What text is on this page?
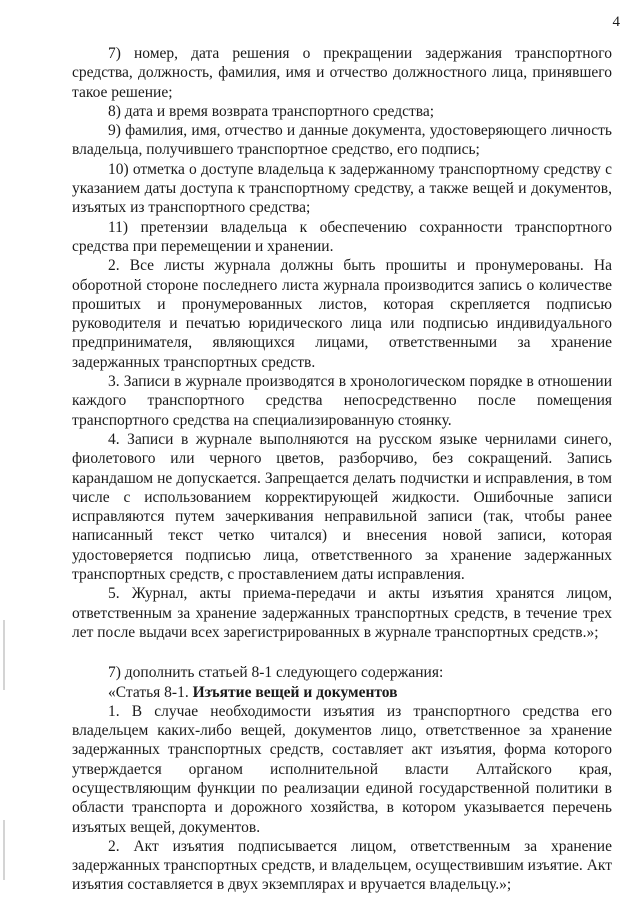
4

7) номер, дата решения о прекращении задержания транспортного средства, должность, фамилия, имя и отчество должностного лица, принявшего такое решение;

8) дата и время возврата транспортного средства;

9) фамилия, имя, отчество и данные документа, удостоверяющего личность владельца, получившего транспортное средство, его подпись;

10) отметка о доступе владельца к задержанному транспортному средству с указанием даты доступа к транспортному средству, а также вещей и документов, изъятых из транспортного средства;

11) претензии владельца к обеспечению сохранности транспортного средства при перемещении и хранении.

2. Все листы журнала должны быть прошиты и пронумерованы. На оборотной стороне последнего листа журнала производится запись о количестве прошитых и пронумерованных листов, которая скрепляется подписью руководителя и печатью юридического лица или подписью индивидуального предпринимателя, являющихся лицами, ответственными за хранение задержанных транспортных средств.

3. Записи в журнале производятся в хронологическом порядке в отношении каждого транспортного средства непосредственно после помещения транспортного средства на специализированную стоянку.

4. Записи в журнале выполняются на русском языке чернилами синего, фиолетового или черного цветов, разборчиво, без сокращений. Запись карандашом не допускается. Запрещается делать подчистки и исправления, в том числе с использованием корректирующей жидкости. Ошибочные записи исправляются путем зачеркивания неправильной записи (так, чтобы ранее написанный текст четко читался) и внесения новой записи, которая удостоверяется подписью лица, ответственного за хранение задержанных транспортных средств, с проставлением даты исправления.

5. Журнал, акты приема-передачи и акты изъятия хранятся лицом, ответственным за хранение задержанных транспортных средств, в течение трех лет после выдачи всех зарегистрированных в журнале транспортных средств.»;

7) дополнить статьей 8-1 следующего содержания:

«Статья 8-1. Изъятие вещей и документов

1. В случае необходимости изъятия из транспортного средства его владельцем каких-либо вещей, документов лицо, ответственное за хранение задержанных транспортных средств, составляет акт изъятия, форма которого утверждается органом исполнительной власти Алтайского края, осуществляющим функции по реализации единой государственной политики в области транспорта и дорожного хозяйства, в котором указывается перечень изъятых вещей, документов.

2. Акт изъятия подписывается лицом, ответственным за хранение задержанных транспортных средств, и владельцем, осуществившим изъятие. Акт изъятия составляется в двух экземплярах и вручается владельцу.»;
